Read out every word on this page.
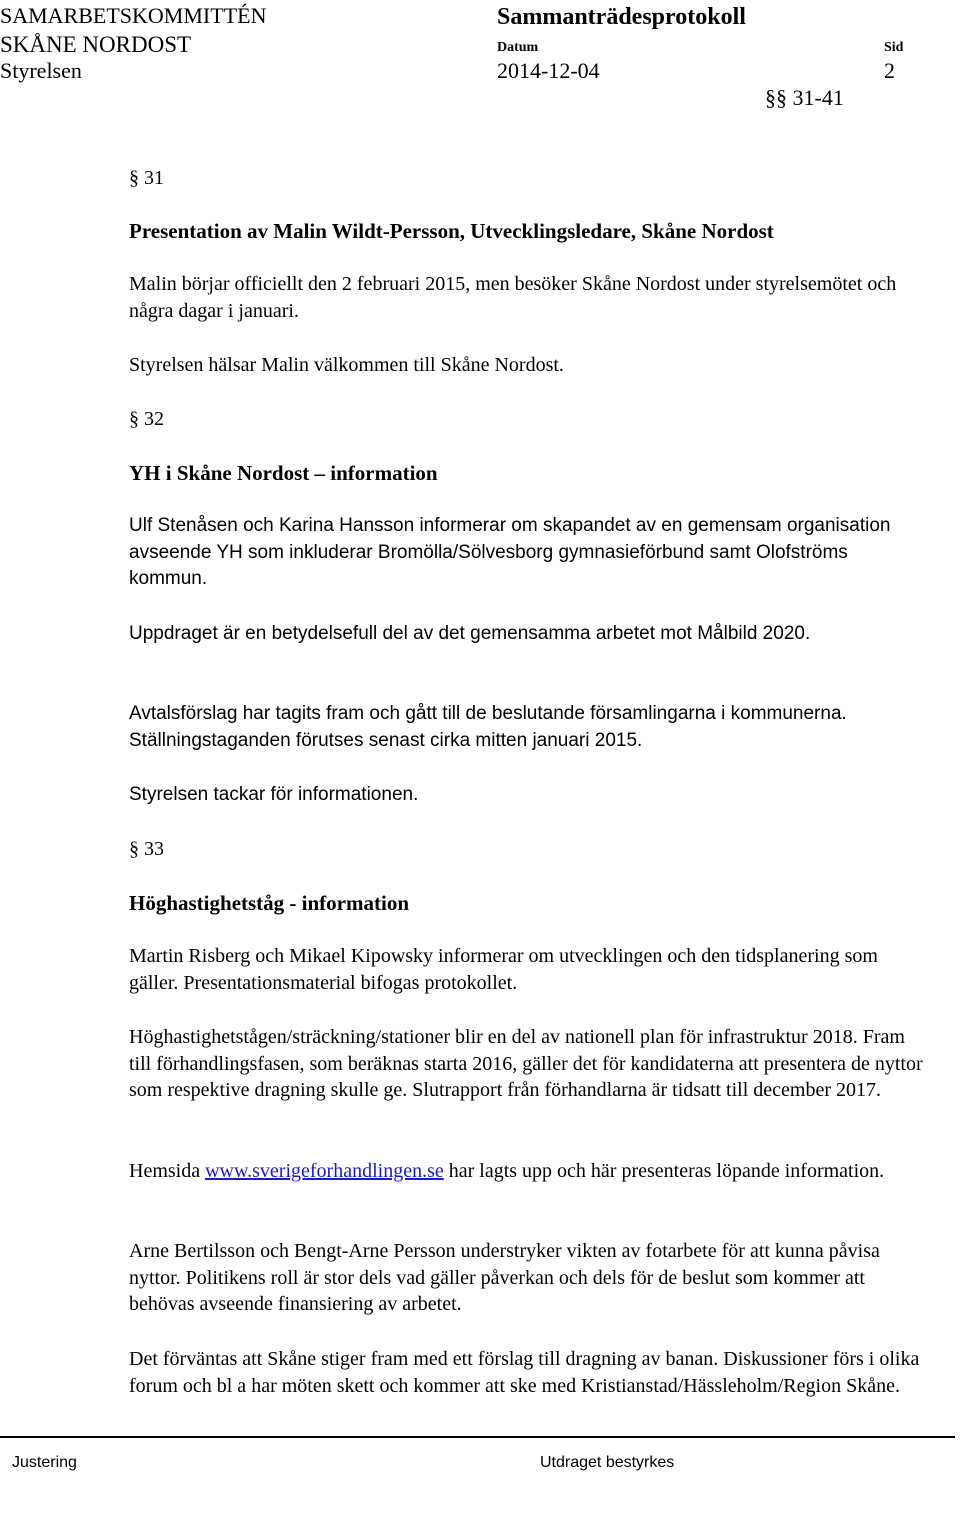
SAMARBETSKOMMITTÉN
SKÅNE NORDOST
Styrelsen
Sammanträdesprotokoll
Datum	Sid
2014-12-04	2
§§ 31-41
§ 31
Presentation av Malin Wildt-Persson, Utvecklingsledare, Skåne Nordost
Malin börjar officiellt den 2 februari 2015, men besöker Skåne Nordost under styrelsemötet och några dagar i januari.
Styrelsen hälsar Malin välkommen till Skåne Nordost.
§ 32
YH i Skåne Nordost – information
Ulf Stenåsen och Karina Hansson informerar om skapandet av en gemensam organisation avseende YH som inkluderar Bromölla/Sölvesborg gymnasieförbund samt Olofströms kommun.
Uppdraget är en betydelsefull del av det gemensamma arbetet mot Målbild 2020.
Avtalsförslag har tagits fram och gått till de beslutande församlingarna i kommunerna. Ställningstaganden förutses senast cirka mitten januari 2015.
Styrelsen tackar för informationen.
§ 33
Höghastighetståg - information
Martin Risberg och Mikael Kipowsky informerar om utvecklingen och den tidsplanering som gäller. Presentationsmaterial bifogas protokollet.
Höghastighetstågen/sträckning/stationer blir en del av nationell plan för infrastruktur 2018. Fram till förhandlingsfasen, som beräknas starta 2016, gäller det för kandidaterna att presentera de nyttor som respektive dragning skulle ge. Slutrapport från förhandlarna är tidsatt till december 2017.
Hemsida www.sverigeforhandlingen.se har lagts upp och här presenteras löpande information.
Arne Bertilsson och Bengt-Arne Persson understryker vikten av fotarbete för att kunna påvisa nyttor. Politikens roll är stor dels vad gäller påverkan och dels för de beslut som kommer att behövas avseende finansiering av arbetet.
Det förväntas att Skåne stiger fram med ett förslag till dragning av banan. Diskussioner förs i olika forum och bl a har möten skett och kommer att ske med Kristianstad/Hässleholm/Region Skåne.
Justering	Utdraget bestyrkes
